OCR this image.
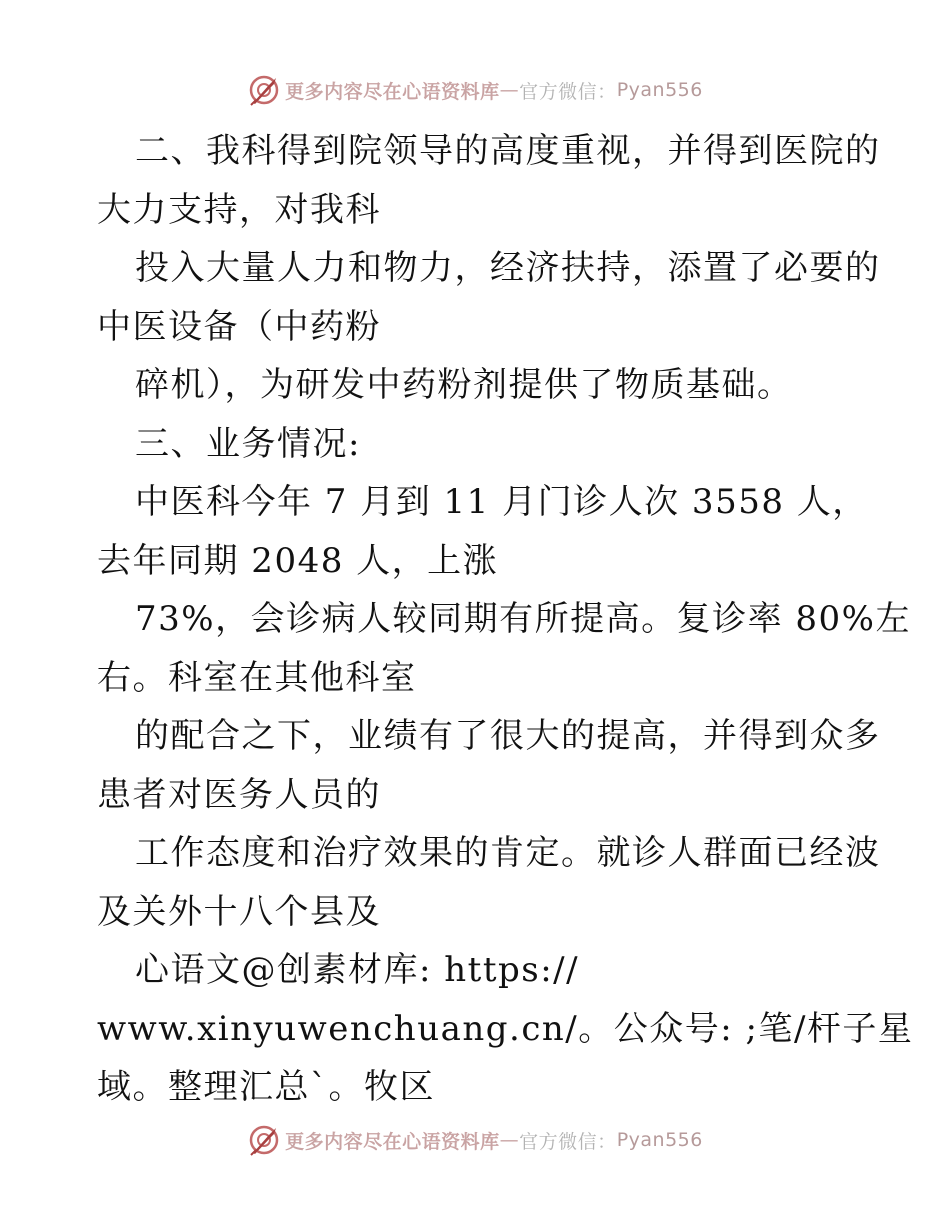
更多内容尽在心语资料库 — 官方微信： Pyan556
二、我科得到院领导的高度重视，并得到医院的
大力支持，对我科
投入大量人力和物力，经济扶持，添置了必要的
中医设备（中药粉
碎机），为研发中药粉剂提供了物质基础。
三、业务情况:
中医科今年 7 月到 11 月门诊人次 3558 人，
去年同期 2048 人，上涨
73%，会诊病人较同期有所提高。复诊率 80%左
右。科室在其他科室
的配合之下，业绩有了很大的提高，并得到众多
患者对医务人员的
工作态度和治疗效果的肯定。就诊人群面已经波
及关外十八个县及
心语文@创素材库: https://
www.xinyuwenchuang.cn/。公众号: ;笔/杆子星
域。整理汇总`。牧区
更多内容尽在心语资料库 — 官方微信： Pyan556
